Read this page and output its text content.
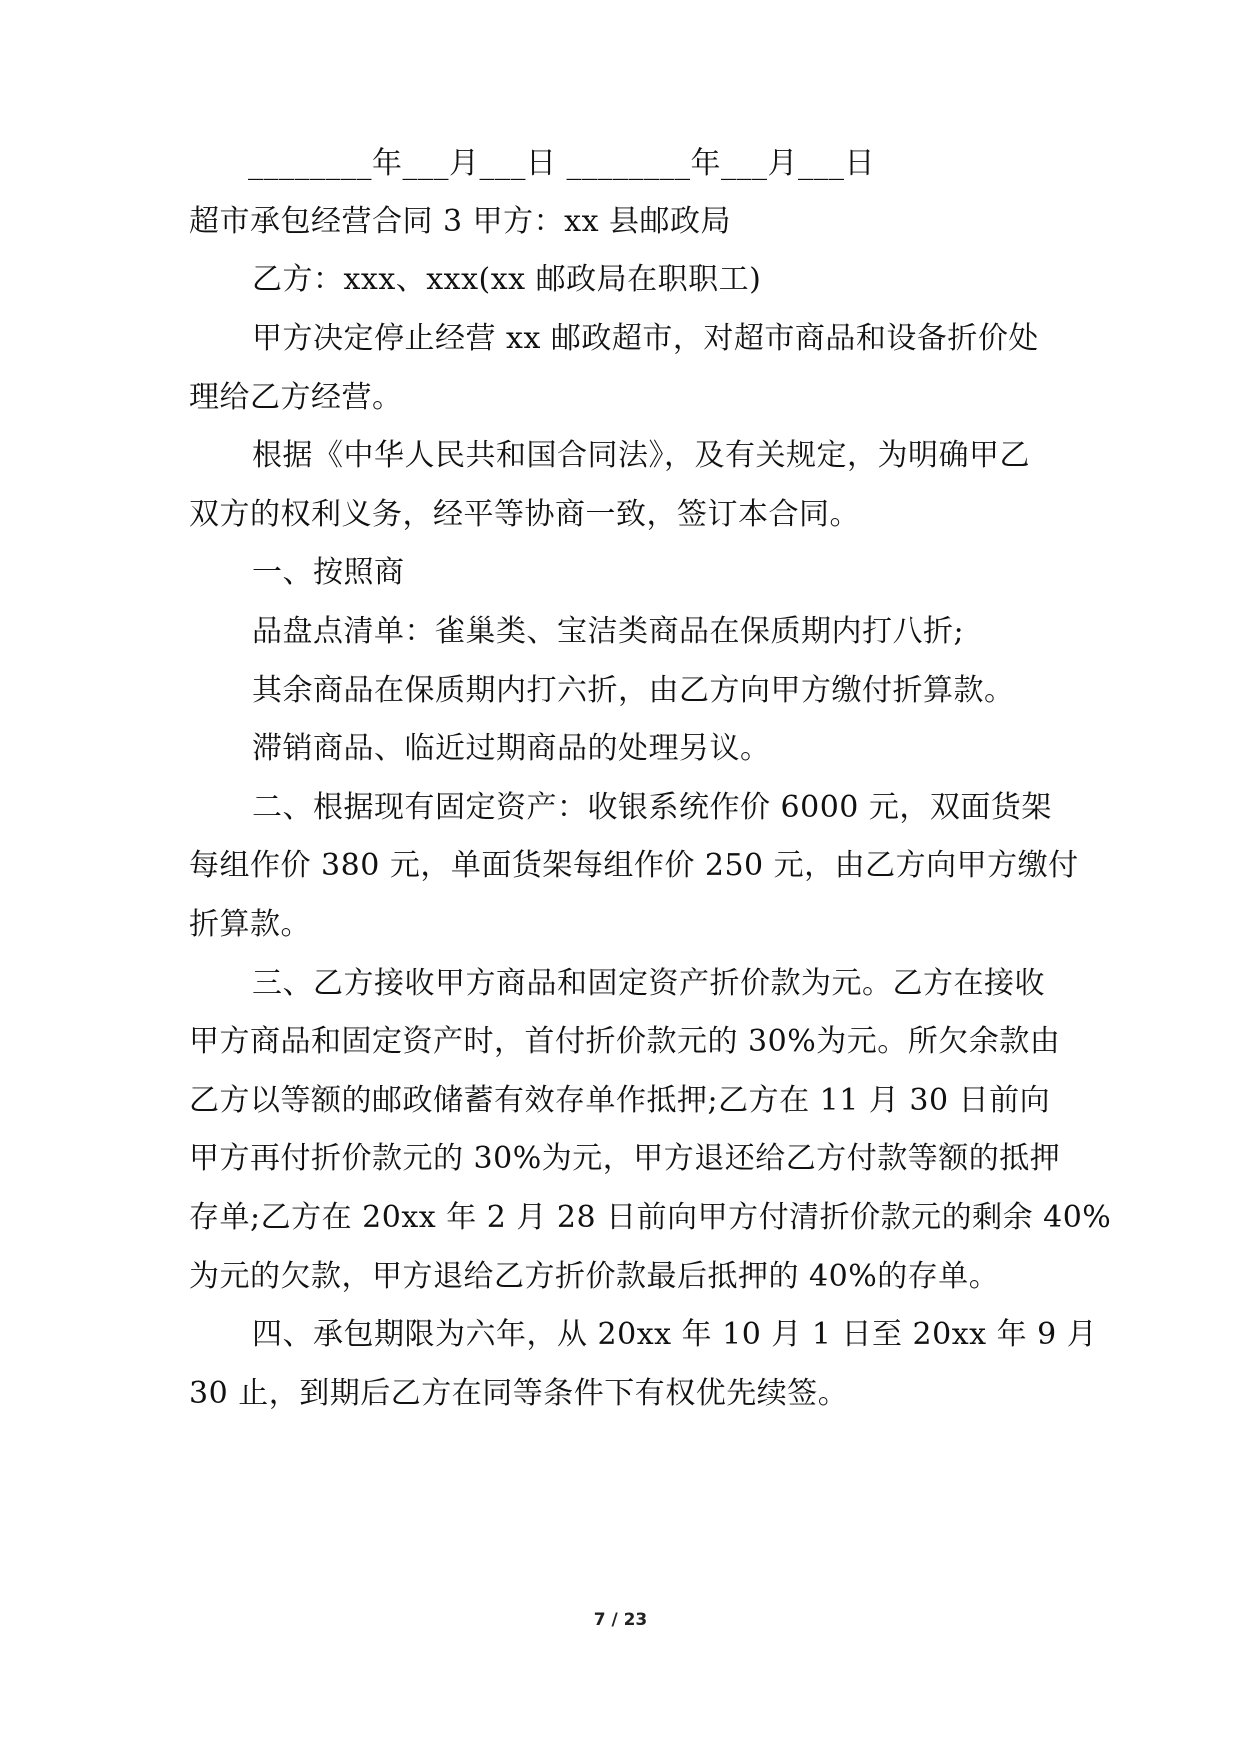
________年___月___日 ________年___月___日
超市承包经营合同 3 甲方：xx 县邮政局
乙方：xxx、xxx(xx 邮政局在职职工)
甲方决定停止经营 xx 邮政超市，对超市商品和设备折价处
理给乙方经营。
根据《中华人民共和国合同法》，及有关规定，为明确甲乙
双方的权利义务，经平等协商一致，签订本合同。
一、按照商
品盘点清单：雀巢类、宝洁类商品在保质期内打八折;
其余商品在保质期内打六折，由乙方向甲方缴付折算款。
滞销商品、临近过期商品的处理另议。
二、根据现有固定资产：收银系统作价 6000 元，双面货架
每组作价 380 元，单面货架每组作价 250 元，由乙方向甲方缴付
折算款。
三、乙方接收甲方商品和固定资产折价款为元。乙方在接收
甲方商品和固定资产时，首付折价款元的 30%为元。所欠余款由
乙方以等额的邮政储蓄有效存单作抵押;乙方在 11 月 30 日前向
甲方再付折价款元的 30%为元，甲方退还给乙方付款等额的抵押
存单;乙方在 20xx 年 2 月 28 日前向甲方付清折价款元的剩余 40%
为元的欠款，甲方退给乙方折价款最后抵押的 40%的存单。
四、承包期限为六年，从 20xx 年 10 月 1 日至 20xx 年 9 月
30 止，到期后乙方在同等条件下有权优先续签。
7 / 23
